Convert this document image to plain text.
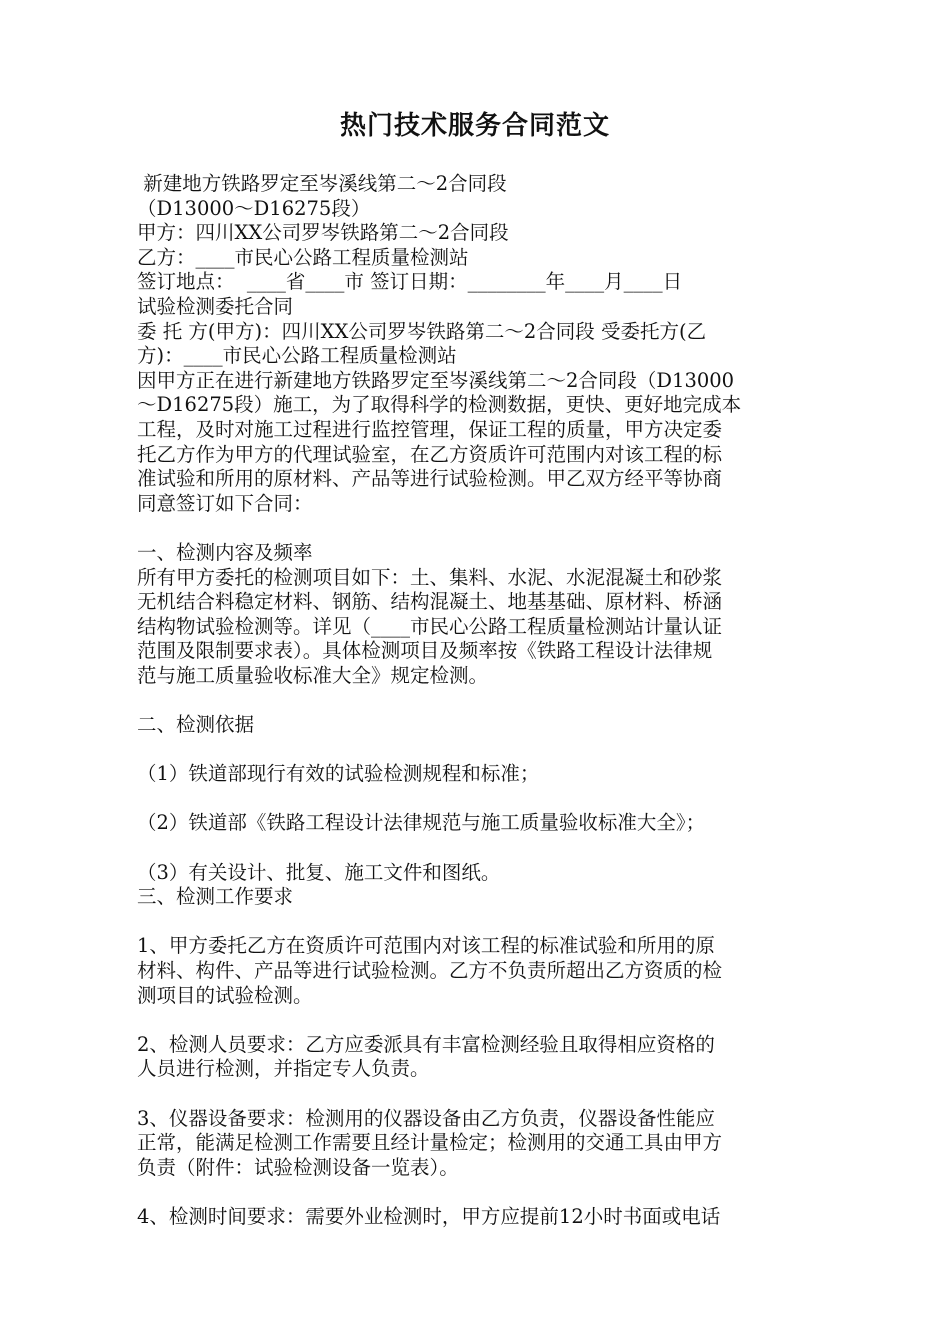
热门技术服务合同范文
新建地方铁路罗定至岑溪线第二～2合同段
（D13000～D16275段）
甲方：四川XX公司罗岑铁路第二～2合同段
乙方：____市民心公路工程质量检测站
签订地点：  ____省____市 签订日期：________年____月____日
试验检测委托合同
委 托 方(甲方)：四川XX公司罗岑铁路第二～2合同段 受委托方(乙
方)：____市民心公路工程质量检测站
因甲方正在进行新建地方铁路罗定至岑溪线第二～2合同段（D13000
～D16275段）施工，为了取得科学的检测数据，更快、更好地完成本
工程，及时对施工过程进行监控管理，保证工程的质量，甲方决定委
托乙方作为甲方的代理试验室，在乙方资质许可范围内对该工程的标
准试验和所用的原材料、产品等进行试验检测。甲乙双方经平等协商
同意签订如下合同：
一、检测内容及频率
所有甲方委托的检测项目如下：土、集料、水泥、水泥混凝土和砂浆
无机结合料稳定材料、钢筋、结构混凝土、地基基础、原材料、桥涵
结构物试验检测等。详见（____市民心公路工程质量检测站计量认证
范围及限制要求表）。具体检测项目及频率按《铁路工程设计法律规
范与施工质量验收标准大全》规定检测。
二、检测依据
（1）铁道部现行有效的试验检测规程和标准；
（2）铁道部《铁路工程设计法律规范与施工质量验收标准大全》；
（3）有关设计、批复、施工文件和图纸。
三、检测工作要求
1、甲方委托乙方在资质许可范围内对该工程的标准试验和所用的原
材料、构件、产品等进行试验检测。乙方不负责所超出乙方资质的检
测项目的试验检测。
2、检测人员要求：乙方应委派具有丰富检测经验且取得相应资格的
人员进行检测，并指定专人负责。
3、仪器设备要求：检测用的仪器设备由乙方负责，仪器设备性能应
正常，能满足检测工作需要且经计量检定；检测用的交通工具由甲方
负责（附件：试验检测设备一览表）。
4、检测时间要求：需要外业检测时，甲方应提前12小时书面或电话
